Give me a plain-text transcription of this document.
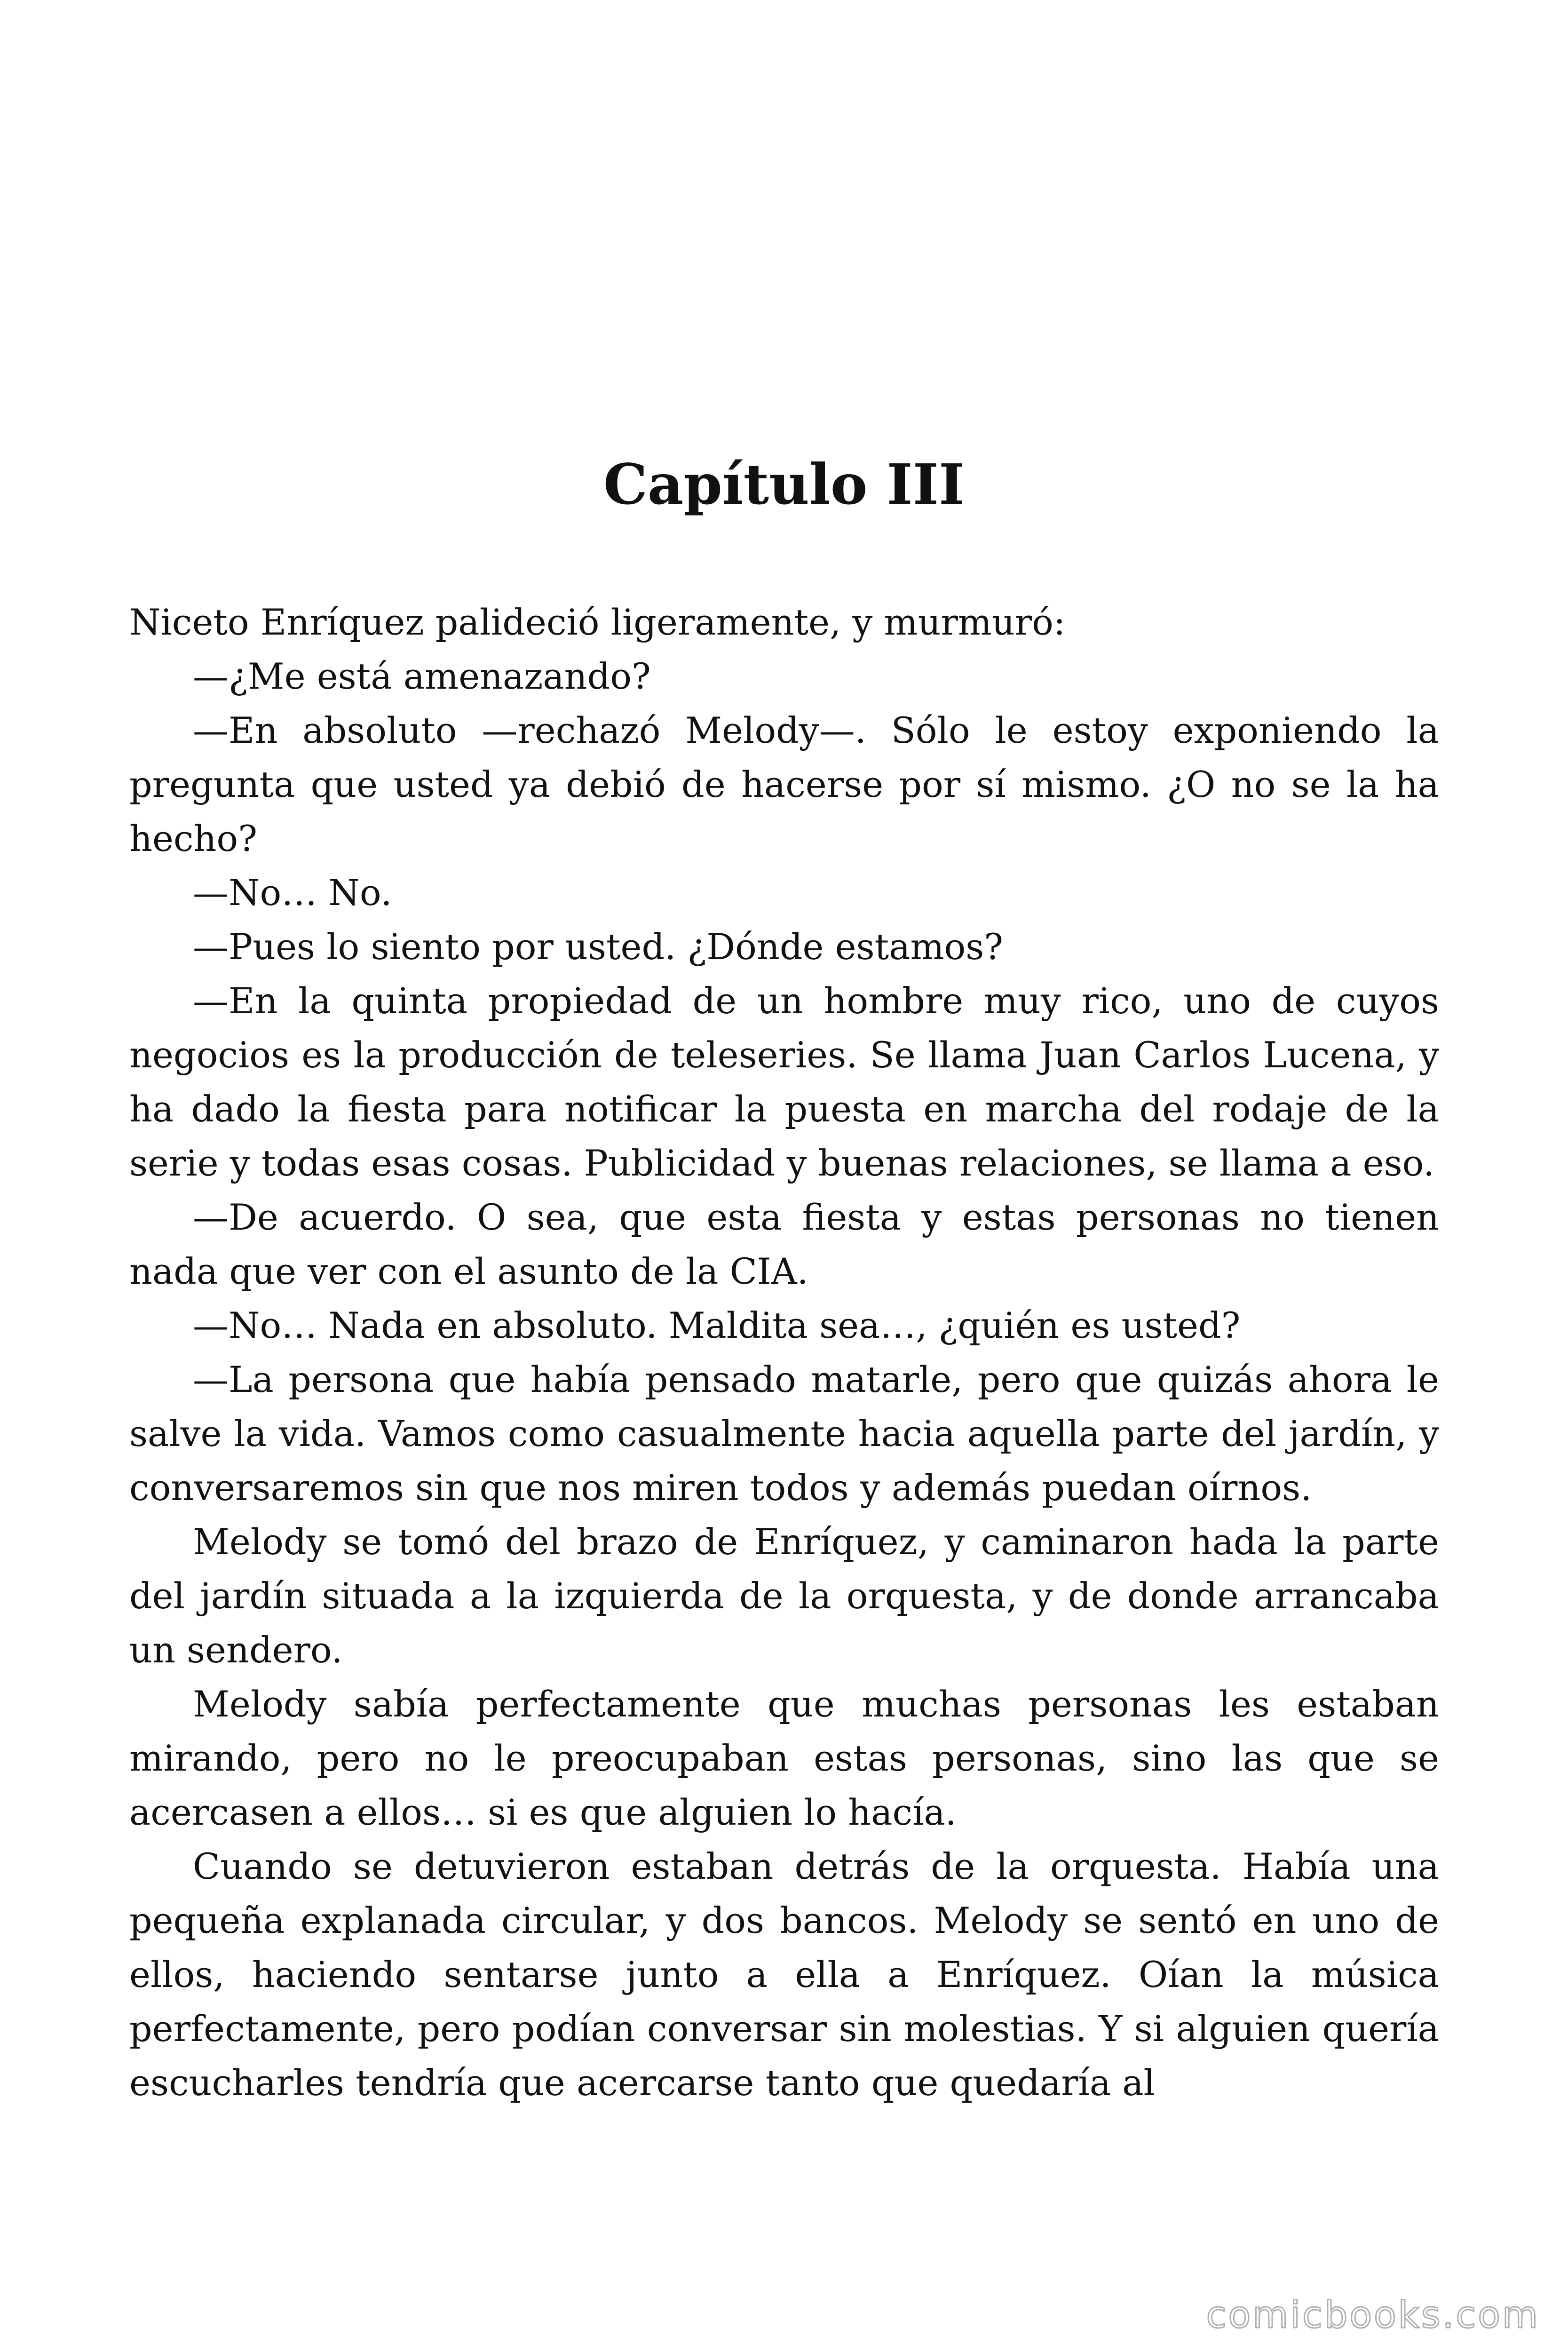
Capítulo III

Niceto Enríquez palideció ligeramente, y murmuró:

—¿Me está amenazando?

—En absoluto —rechazó Melody—. Sólo le estoy exponiendo la pregunta que usted ya debió de hacerse por sí mismo. ¿O no se la ha hecho?

—No… No.

—Pues lo siento por usted. ¿Dónde estamos?

—En la quinta propiedad de un hombre muy rico, uno de cuyos negocios es la producción de teleseries. Se llama Juan Carlos Lucena, y ha dado la fiesta para notificar la puesta en marcha del rodaje de la serie y todas esas cosas. Publicidad y buenas relaciones, se llama a eso.

—De acuerdo. O sea, que esta fiesta y estas personas no tienen nada que ver con el asunto de la CIA.

—No… Nada en absoluto. Maldita sea…, ¿quién es usted?

—La persona que había pensado matarle, pero que quizás ahora le salve la vida. Vamos como casualmente hacia aquella parte del jardín, y conversaremos sin que nos miren todos y además puedan oírnos.

Melody se tomó del brazo de Enríquez, y caminaron hada la parte del jardín situada a la izquierda de la orquesta, y de donde arrancaba un sendero.

Melody sabía perfectamente que muchas personas les estaban mirando, pero no le preocupaban estas personas, sino las que se acercasen a ellos… si es que alguien lo hacía.

Cuando se detuvieron estaban detrás de la orquesta. Había una pequeña explanada circular, y dos bancos. Melody se sentó en uno de ellos, haciendo sentarse junto a ella a Enríquez. Oían la música perfectamente, pero podían conversar sin molestias. Y si alguien quería escucharles tendría que acercarse tanto que quedaría al

comicbooks.com
